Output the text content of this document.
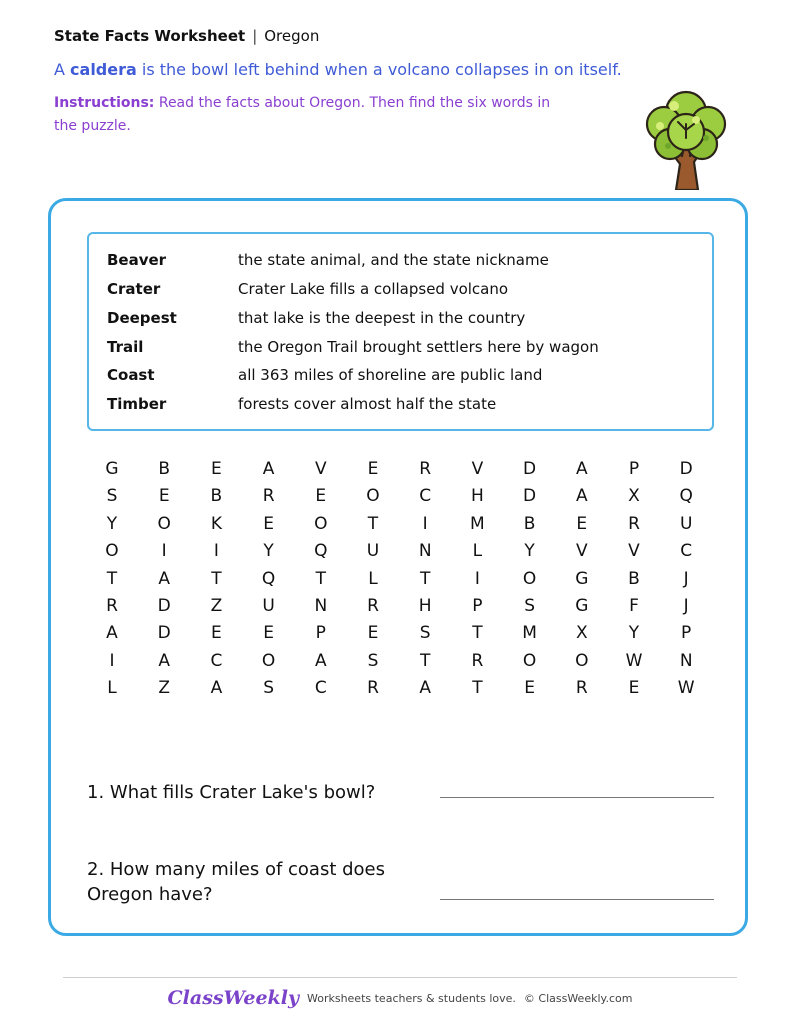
State Facts Worksheet | Oregon
A caldera is the bowl left behind when a volcano collapses in on itself.
Instructions: Read the facts about Oregon. Then find the six words in the puzzle.
Beaver	the state animal, and the state nickname
Crater	Crater Lake fills a collapsed volcano
Deepest	that lake is the deepest in the country
Trail	the Oregon Trail brought settlers here by wagon
Coast	all 363 miles of shoreline are public land
Timber	forests cover almost half the state
G	B	E	A	V	E	R	V	D	A	P	D
S	E	B	R	E	O	C	H	D	A	X	Q
Y	O	K	E	O	T	I	M	B	E	R	U
O	I	I	Y	Q	U	N	L	Y	V	V	C
T	A	T	Q	T	L	T	I	O	G	B	J
R	D	Z	U	N	R	H	P	S	G	F	J
A	D	E	E	P	E	S	T	M	X	Y	P
I	A	C	O	A	S	T	R	O	O	W	N
L	Z	A	S	C	R	A	T	E	R	E	W
1. What fills Crater Lake's bowl?
2. How many miles of coast does
Oregon have?
ClassWeekly Worksheets teachers & students love. © ClassWeekly.com
